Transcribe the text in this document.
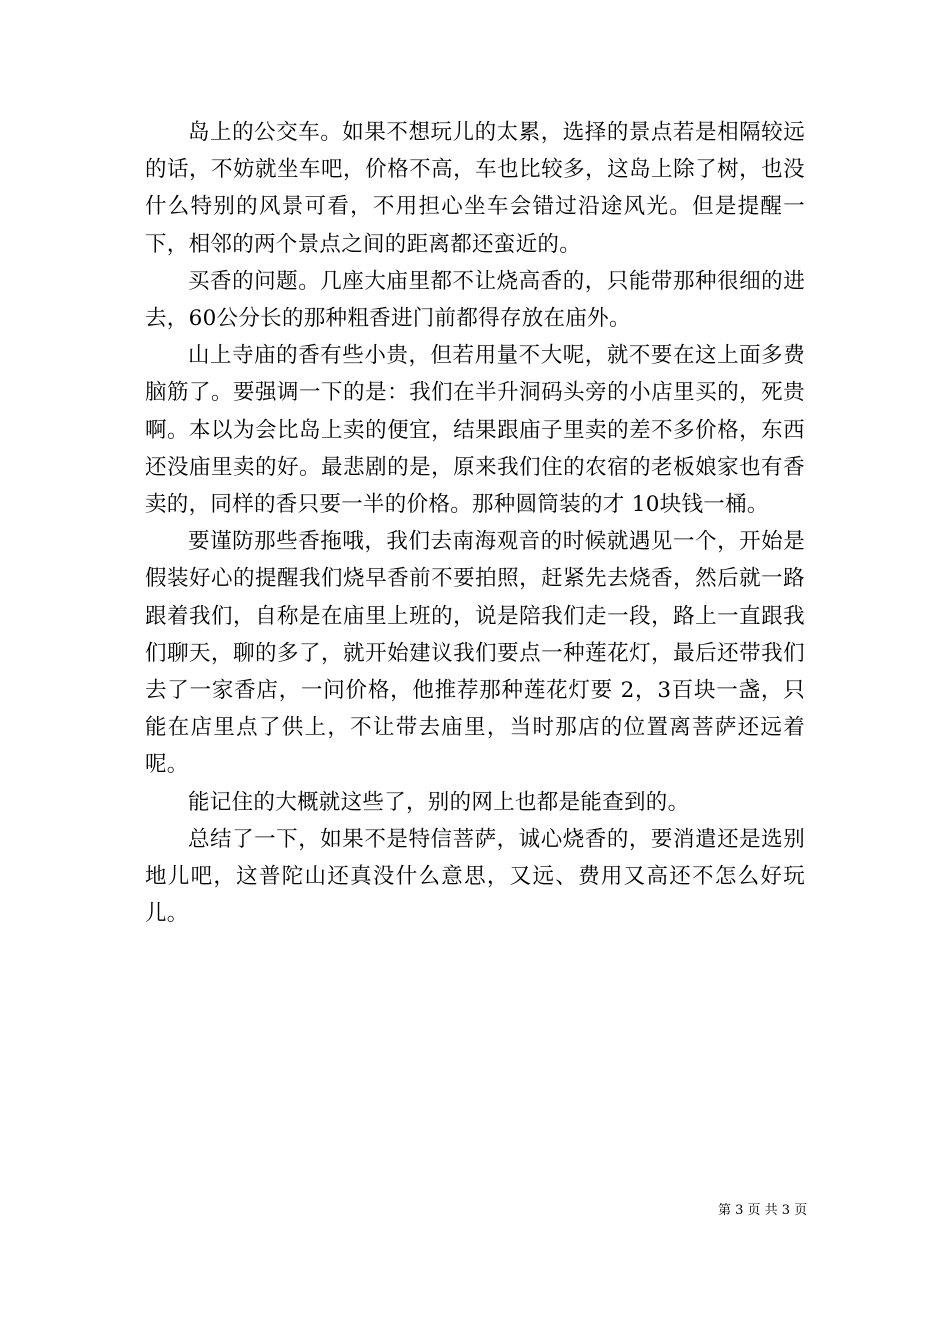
岛上的公交车。如果不想玩儿的太累，选择的景点若是相隔较远的话，不妨就坐车吧，价格不高，车也比较多，这岛上除了树，也没什么特别的风景可看，不用担心坐车会错过沿途风光。但是提醒一下，相邻的两个景点之间的距离都还蛮近的。

买香的问题。几座大庙里都不让烧高香的，只能带那种很细的进去，60公分长的那种粗香进门前都得存放在庙外。

山上寺庙的香有些小贵，但若用量不大呢，就不要在这上面多费脑筋了。要强调一下的是：我们在半升洞码头旁的小店里买的，死贵啊。本以为会比岛上卖的便宜，结果跟庙子里卖的差不多价格，东西还没庙里卖的好。最悲剧的是，原来我们住的农宿的老板娘家也有香卖的，同样的香只要一半的价格。那种圆筒装的才 10块钱一桶。

要谨防那些香拖哦，我们去南海观音的时候就遇见一个，开始是假装好心的提醒我们烧早香前不要拍照，赶紧先去烧香，然后就一路跟着我们，自称是在庙里上班的，说是陪我们走一段，路上一直跟我们聊天，聊的多了，就开始建议我们要点一种莲花灯，最后还带我们去了一家香店，一问价格，他推荐那种莲花灯要 2，3百块一盏，只能在店里点了供上，不让带去庙里，当时那店的位置离菩萨还远着呢。

能记住的大概就这些了，别的网上也都是能查到的。

总结了一下，如果不是特信菩萨，诚心烧香的，要消遣还是选别地儿吧，这普陀山还真没什么意思，又远、费用又高还不怎么好玩儿。

第 3 页 共 3 页
